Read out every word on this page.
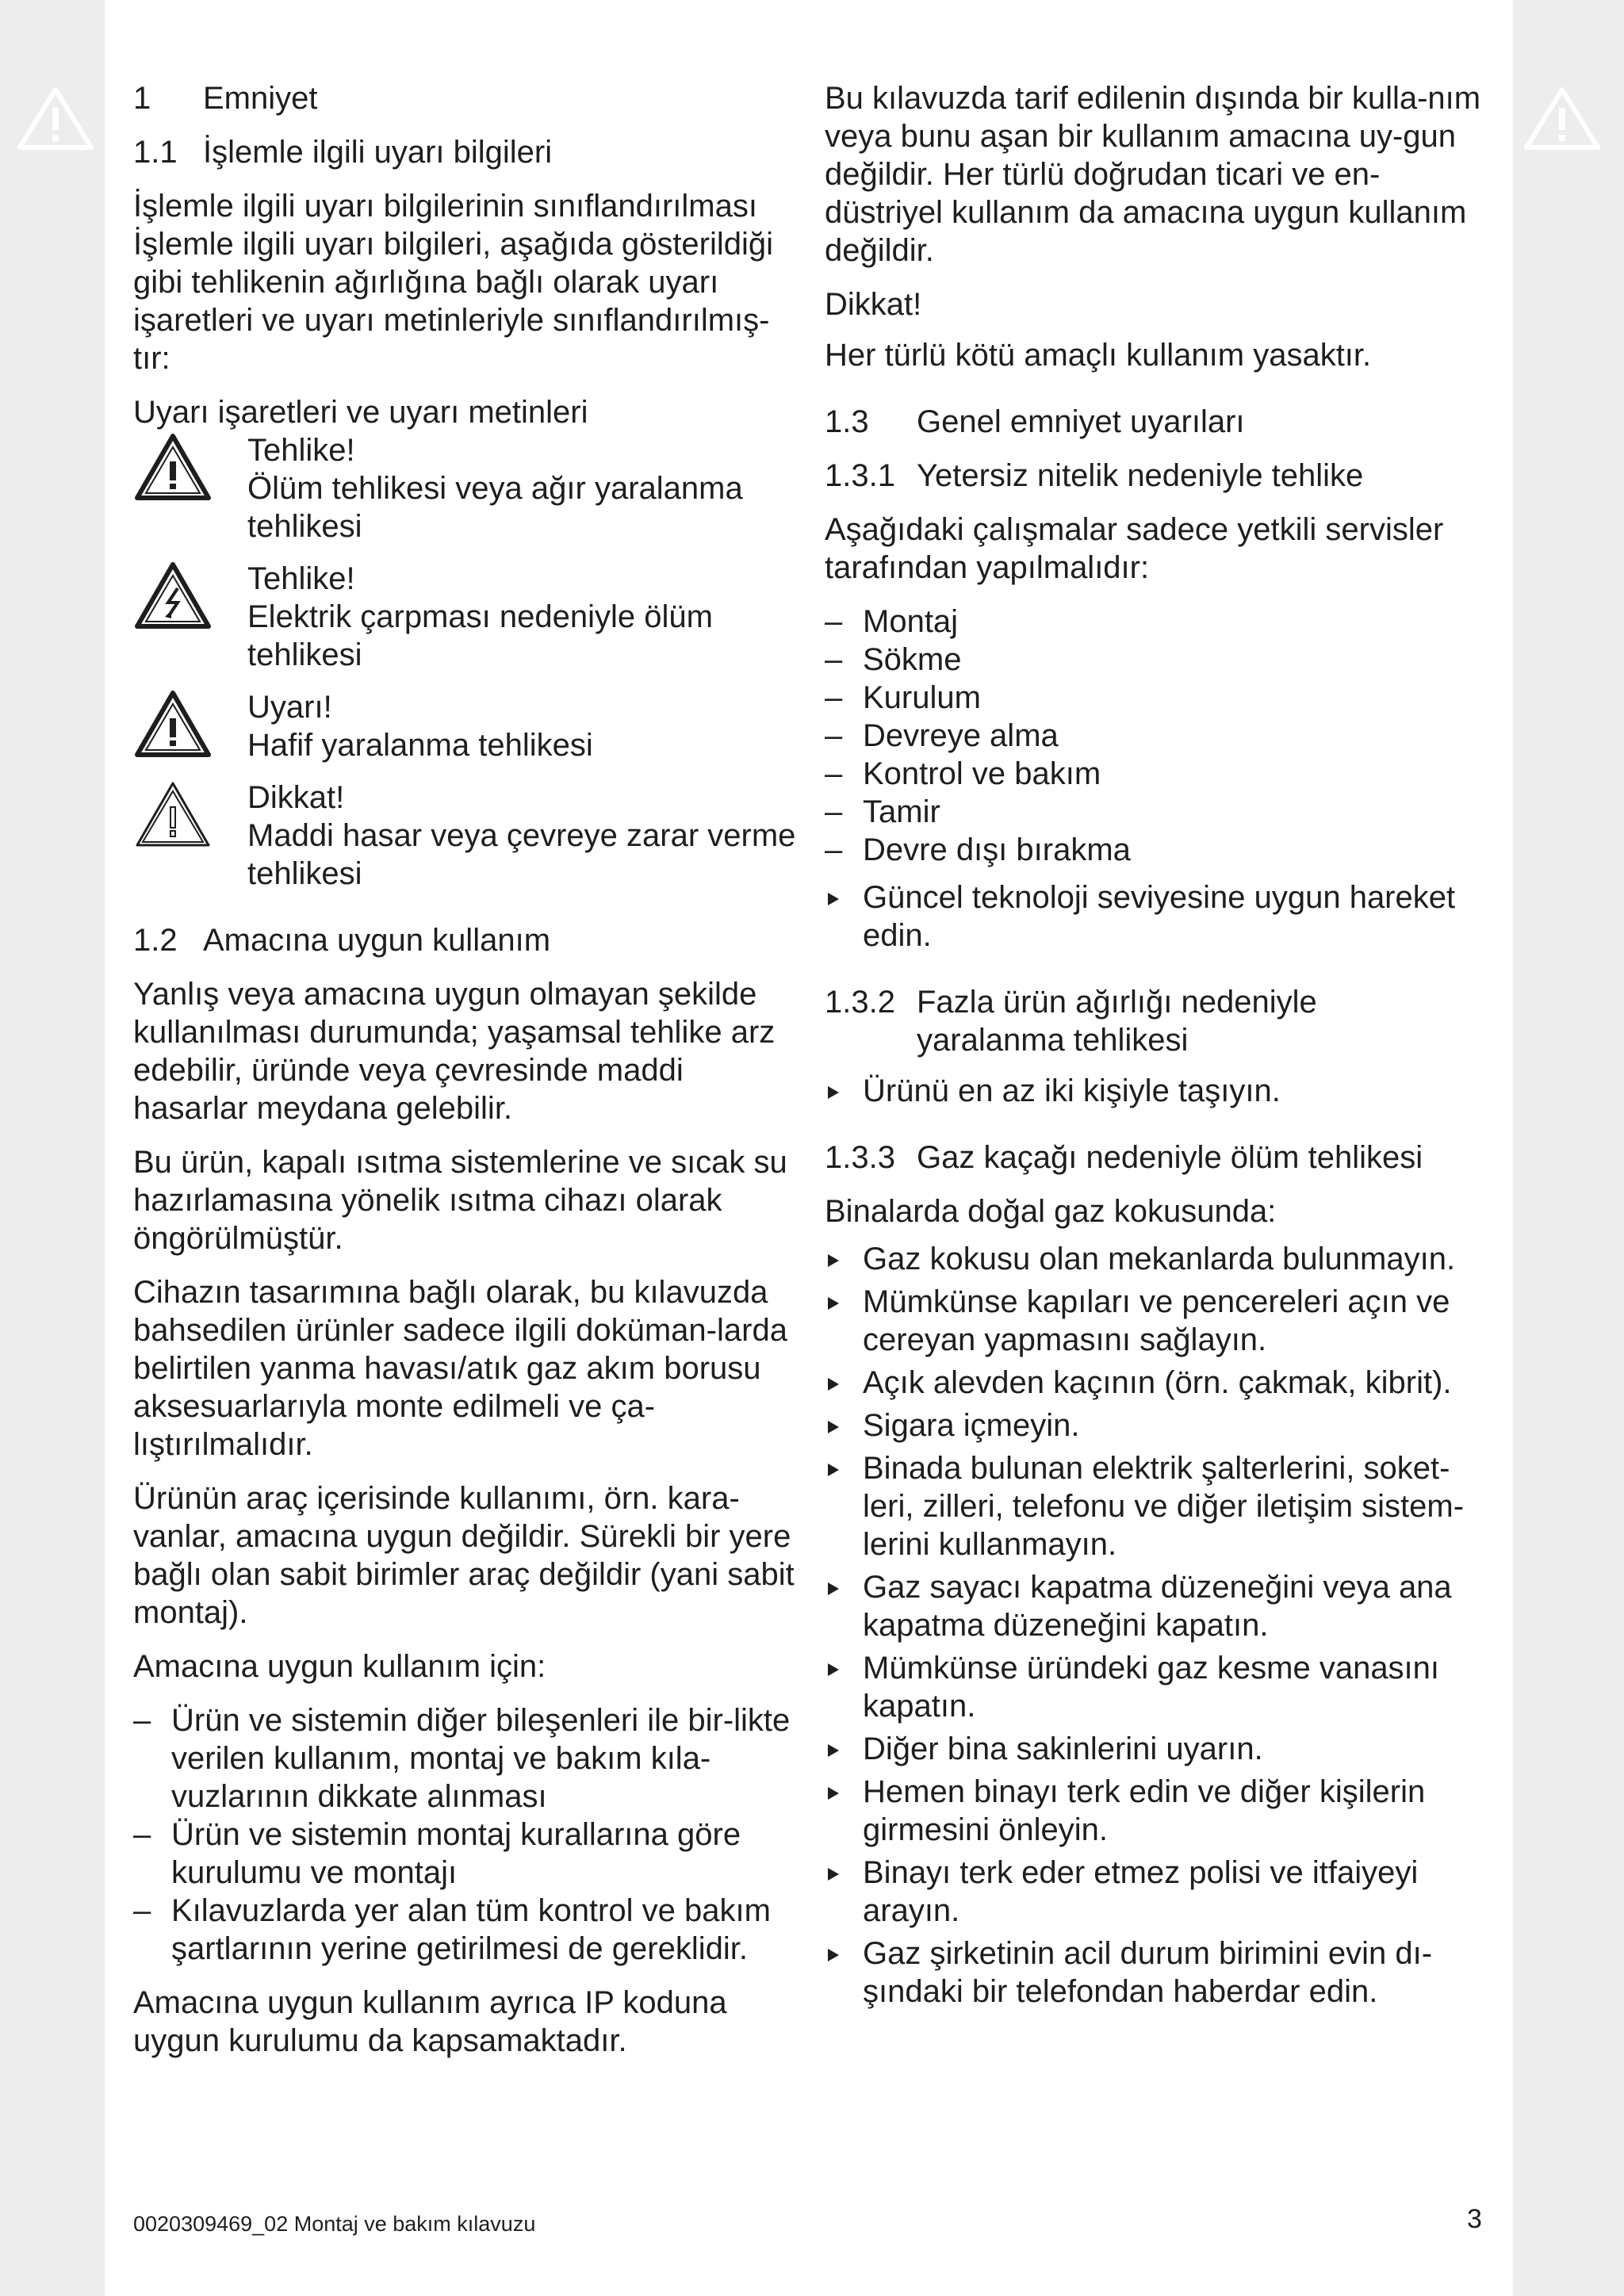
1	Emniyet
1.1 İşlemle ilgili uyarı bilgileri
İşlemle ilgili uyarı bilgilerinin sınıflandırılması

İşlemle ilgili uyarı bilgileri, aşağıda gösterildiği gibi tehlikenin ağırlığına bağlı olarak uyarı işaretleri ve uyarı metinleriyle sınıflandırılmış-tır:

Uyarı işaretleri ve uyarı metinleri
Tehlike!
Ölüm tehlikesi veya ağır yaralanma tehlikesi
Tehlike!
Elektrik çarpması nedeniyle ölüm tehlikesi
Uyarı!
Hafif yaralanma tehlikesi
Dikkat!
Maddi hasar veya çevreye zarar verme tehlikesi
1.2 Amacına uygun kullanım

Yanlış veya amacına uygun olmayan şekilde kullanılması durumunda; yaşamsal tehlike arz edebilir, üründe veya çevresinde maddi hasarlar meydana gelebilir.

Bu ürün, kapalı ısıtma sistemlerine ve sıcak su hazırlamasına yönelik ısıtma cihazı olarak öngörülmüştür.

Cihazın tasarımına bağlı olarak, bu kılavuzda bahsedilen ürünler sadece ilgili doküman-larda belirtilen yanma havası/atık gaz akım borusu aksesuarlarıyla monte edilmeli ve ça-lıştırılmalıdır.

Ürünün araç içerisinde kullanımı, örn. kara-vanlar, amacına uygun değildir. Sürekli bir yere bağlı olan sabit birimler araç değildir (yani sabit montaj).

Amacına uygun kullanım için:

– Ürün ve sistemin diğer bileşenleri ile bir-likte verilen kullanım, montaj ve bakım kıla-vuzlarının dikkate alınması
– Ürün ve sistemin montaj kurallarına göre kurulumu ve montajı
– Kılavuzlarda yer alan tüm kontrol ve bakım şartlarının yerine getirilmesi de gereklidir.

Amacına uygun kullanım ayrıca IP koduna uygun kurulumu da kapsamaktadır.

Bu kılavuzda tarif edilenin dışında bir kulla-nım veya bunu aşan bir kullanım amacına uy-gun değildir. Her türlü doğrudan ticari ve en-düstriyel kullanım da amacına uygun kullanım değildir.

Dikkat!

Her türlü kötü amaçlı kullanım yasaktır.

1.3	Genel emniyet uyarıları
1.3.1 Yetersiz nitelik nedeniyle tehlike

Aşağıdaki çalışmalar sadece yetkili servisler tarafından yapılmalıdır:

– Montaj
– Sökme
– Kurulum
– Devreye alma
– Kontrol ve bakım
– Tamir
– Devre dışı bırakma
Güncel teknoloji seviyesine uygun hareket edin.
1.3.2 Fazla ürün ağırlığı nedeniyle yaralanma tehlikesi
Ürünü en az iki kişiyle taşıyın.
1.3.3 Gaz kaçağı nedeniyle ölüm tehlikesi

Binalarda doğal gaz kokusunda:

Gaz kokusu olan mekanlarda bulunmayın.
Mümkünse kapıları ve pencereleri açın ve cereyan yapmasını sağlayın.
Açık alevden kaçının (örn. çakmak, kibrit).
Sigara içmeyin.
Binada bulunan elektrik şalterlerini, soket-leri, zilleri, telefonu ve diğer iletişim sistem-lerini kullanmayın.
Gaz sayacı kapatma düzeneğini veya ana kapatma düzeneğini kapatın.
Mümkünse üründeki gaz kesme vanasını kapatın.
Diğer bina sakinlerini uyarın.
Hemen binayı terk edin ve diğer kişilerin girmesini önleyin.
Binayı terk eder etmez polisi ve itfaiyeyi arayın.
Gaz şirketinin acil durum birimini evin dı-şındaki bir telefondan haberdar edin.
0020309469_02 Montaj ve bakım kılavuzu	3
